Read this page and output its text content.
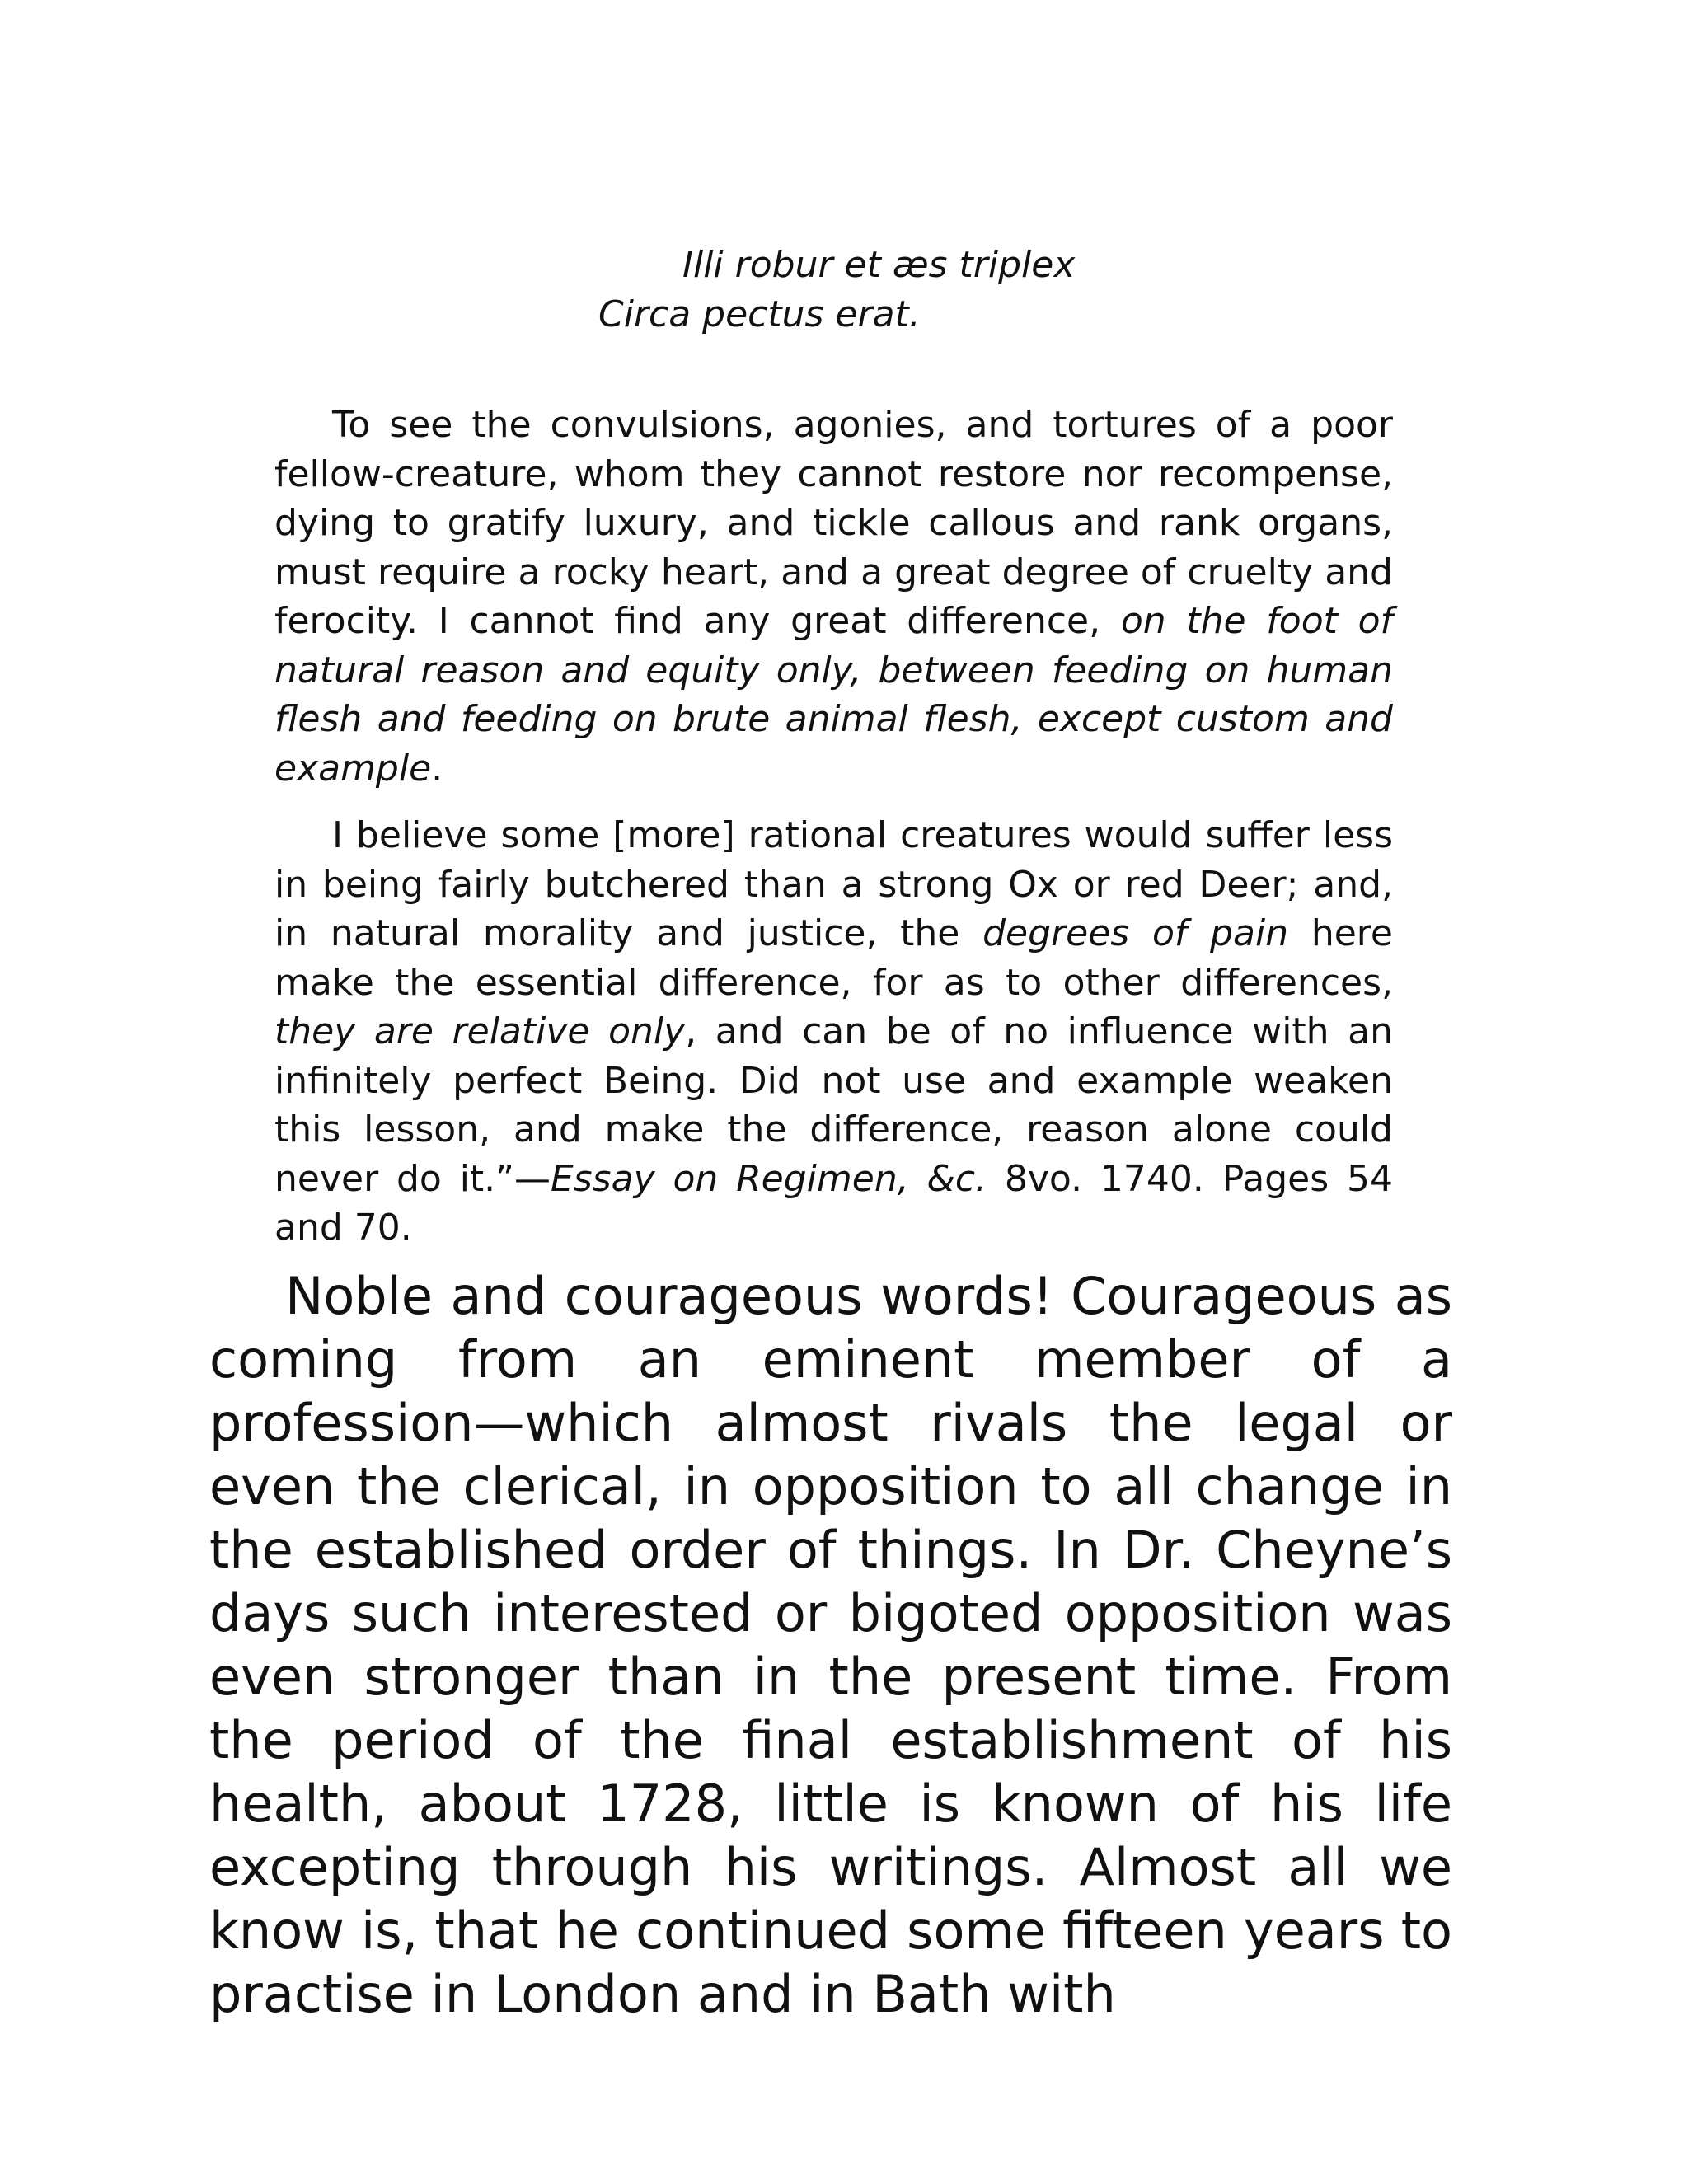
Illi robur et æs triplex
Circa pectus erat.

To see the convulsions, agonies, and tortures of a poor fellow-creature, whom they cannot restore nor recompense, dying to gratify luxury, and tickle callous and rank organs, must require a rocky heart, and a great degree of cruelty and ferocity. I cannot find any great difference, on the foot of natural reason and equity only, between feeding on human flesh and feeding on brute animal flesh, except custom and example.

I believe some [more] rational creatures would suffer less in being fairly butchered than a strong Ox or red Deer; and, in natural morality and justice, the degrees of pain here make the essential difference, for as to other differences, they are relative only, and can be of no influence with an infinitely perfect Being. Did not use and example weaken this lesson, and make the difference, reason alone could never do it.”—Essay on Regimen, &c. 8vo. 1740. Pages 54 and 70.

Noble and courageous words! Courageous as coming from an eminent member of a profession—which almost rivals the legal or even the clerical, in opposition to all change in the established order of things. In Dr. Cheyne’s days such interested or bigoted opposition was even stronger than in the present time. From the period of the final establishment of his health, about 1728, little is known of his life excepting through his writings. Almost all we know is, that he continued some fifteen years to practise in London and in Bath with
